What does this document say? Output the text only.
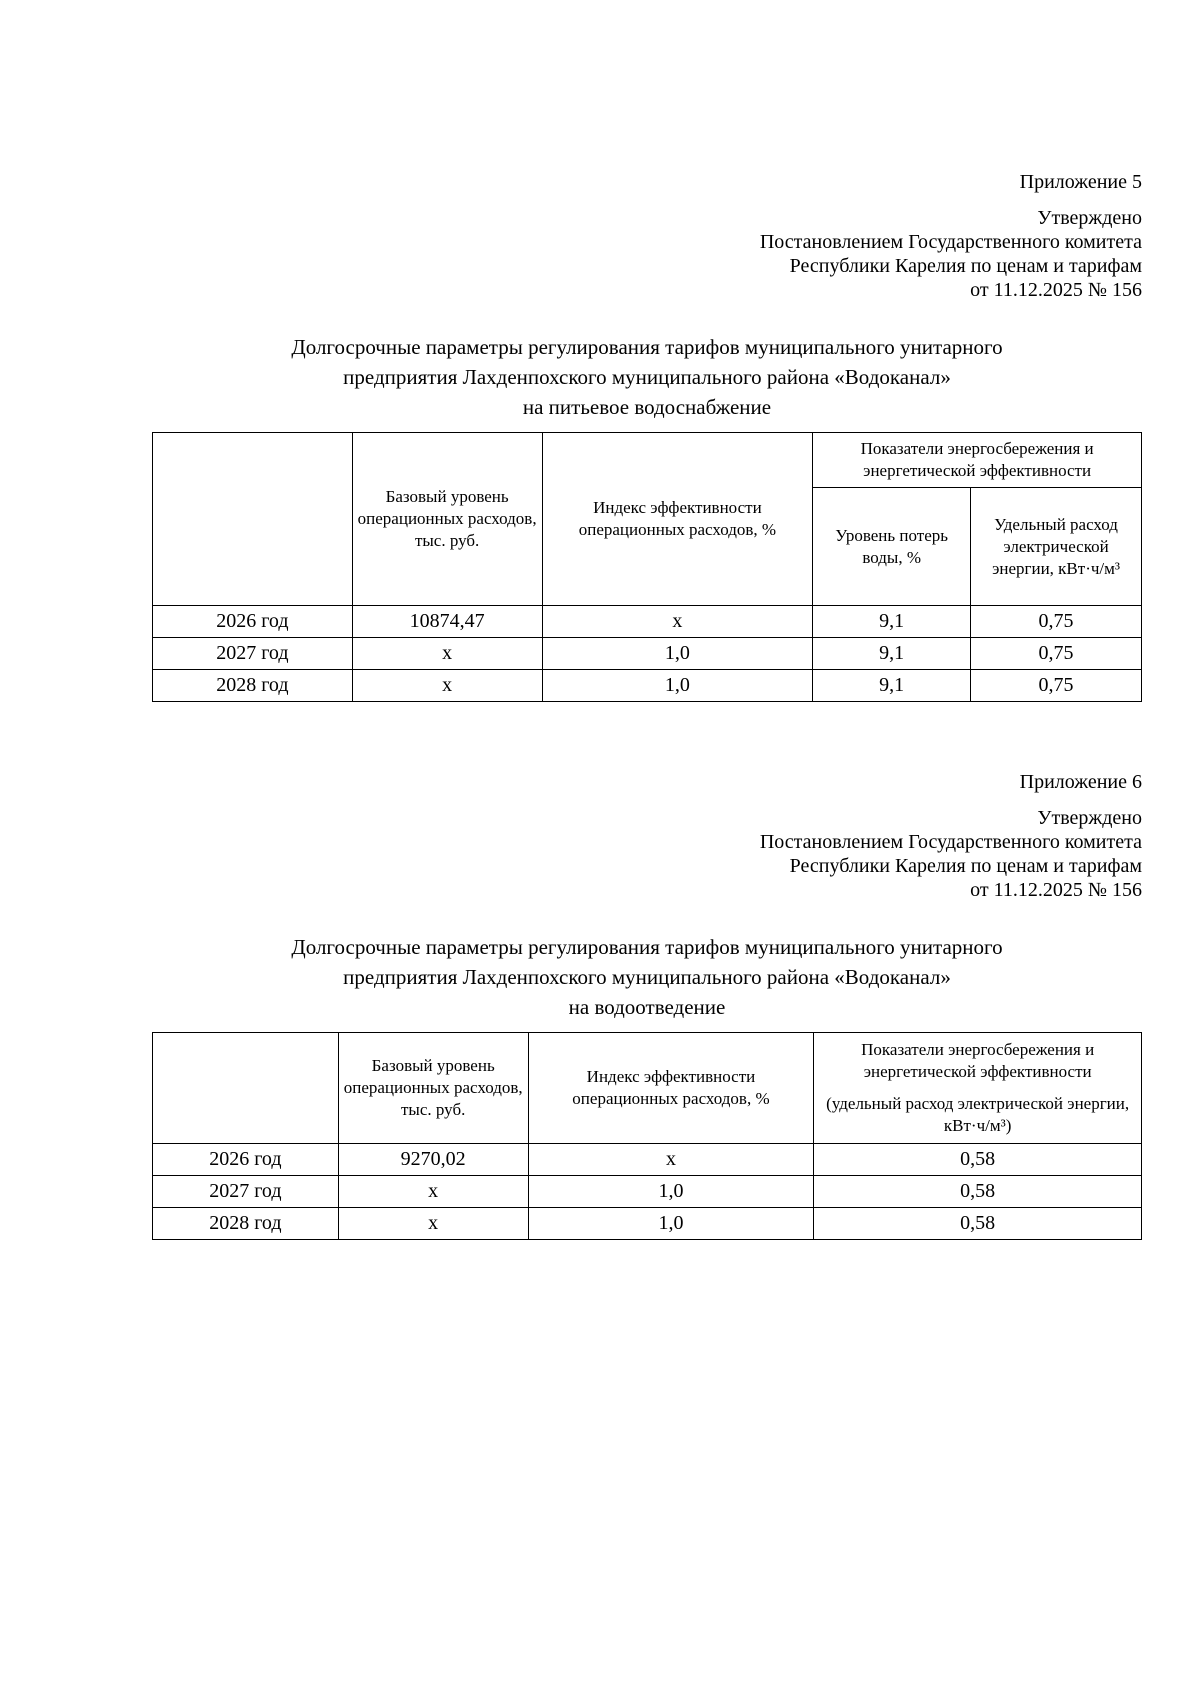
Приложение 5
Утверждено
Постановлением Государственного комитета
Республики Карелия по ценам и тарифам
от 11.12.2025 № 156
Долгосрочные параметры регулирования тарифов муниципального унитарного
предприятия Лахденпохского муниципального района «Водоканал»
на питьевое водоснабжение
	Базовый уровень операционных расходов, тыс. руб.	Индекс эффективности операционных расходов, %	Показатели энергосбережения и энергетической эффективности	
			Уровень потерь воды, %	Удельный расход электрической энергии, кВт·ч/м³
2026 год	10874,47	х	9,1	0,75
2027 год	х	1,0	9,1	0,75
2028 год	х	1,0	9,1	0,75
Приложение 6
Утверждено
Постановлением Государственного комитета
Республики Карелия по ценам и тарифам
от 11.12.2025 № 156
Долгосрочные параметры регулирования тарифов муниципального унитарного
предприятия Лахденпохского муниципального района «Водоканал»
на водоотведение
	Базовый уровень операционных расходов, тыс. руб.	Индекс эффективности операционных расходов, %	Показатели энергосбережения и энергетической эффективности
(удельный расход электрической энергии, кВт·ч/м³)

2026 год	9270,02	х	0,58
2027 год	х	1,0	0,58
2028 год	х	1,0	0,58
